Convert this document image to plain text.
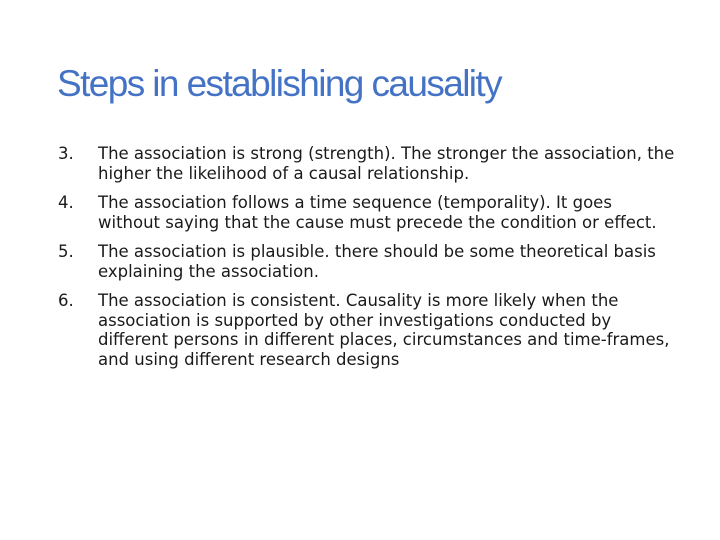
Steps in establishing causality
3.	The association is strong (strength). The stronger the association, the higher the likelihood of a causal relationship.
4.	The association follows a time sequence (temporality). It goes without saying that the cause must precede the condition or effect.
5.	The association is plausible. there should be some theoretical basis explaining the association.
6.	The association is consistent. Causality is more likely when the association is supported by other investigations conducted by different persons in different places, circumstances and time-frames, and using different research designs
